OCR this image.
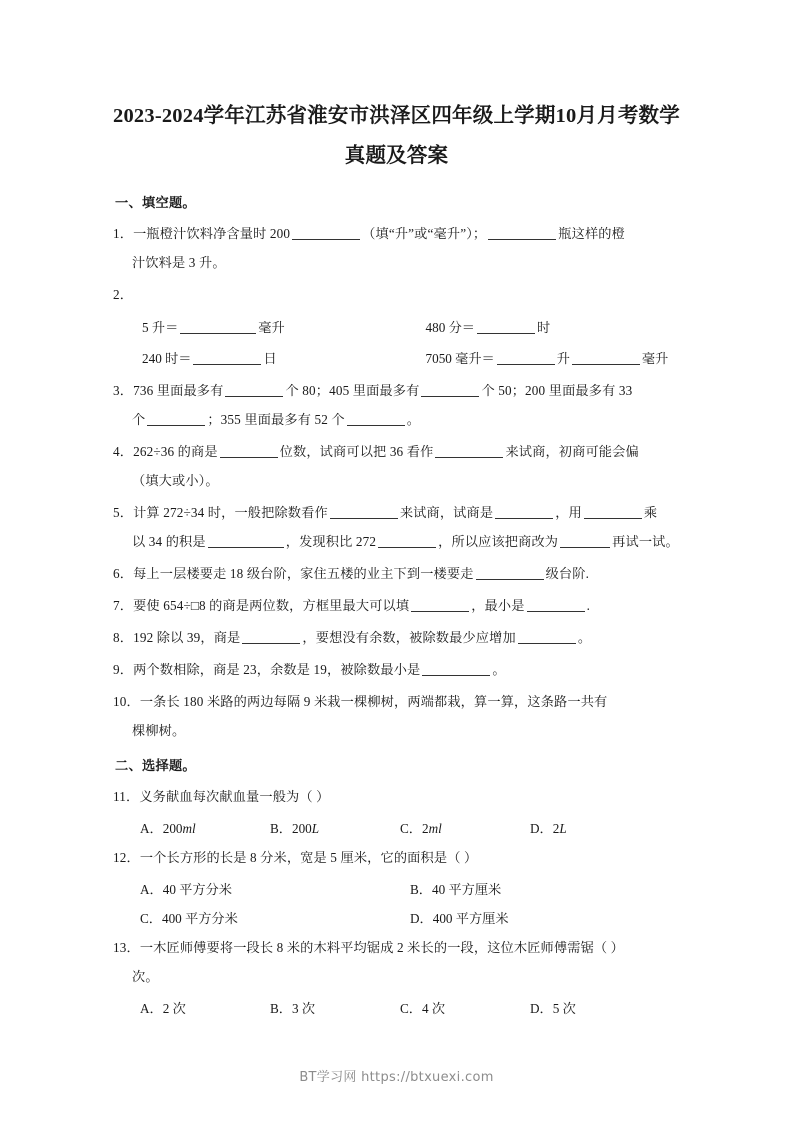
2023-2024学年江苏省淮安市洪泽区四年级上学期10月月考数学真题及答案
一、填空题。
1．一瓶橙汁饮料净含量时 200	（填“升”或“毫升”）；	瓶这样的橙
汁饮料是 3 升。
2．
5 升＝	毫升	480 分＝	时
240 时＝	日	7050 毫升＝	升	毫升
3．736 里面最多有	个 80；405 里面最多有	个 50；200 里面最多有 33
个	；355 里面最多有 52 个	。
4．262÷36 的商是	位数，试商可以把 36 看作	来试商，初商可能会偏
（填大或小）。
5．计算 272÷34 时，一般把除数看作	来试商，试商是	，用	乘
以 34 的积是	，发现积比 272	，所以应该把商改为	再试一试。
6．每上一层楼要走 18 级台阶，家住五楼的业主下到一楼要走	级台阶.
7．要使 654÷□8 的商是两位数，方框里最大可以填	，最小是	.
8．192 除以 39，商是	，要想没有余数，被除数最少应增加	。
9．两个数相除，商是 23，余数是 19，被除数最小是	。
10．一条长 180 米路的两边每隔 9 米栽一棵柳树，两端都栽，算一算，这条路一共有
棵柳树。
二、选择题。
11．义务献血每次献血量一般为（ ）
A．200ml	B．200L	C．2ml	D．2L
12．一个长方形的长是 8 分米，宽是 5 厘米，它的面积是（ ）
A．40 平方分米	B．40 平方厘米
C．400 平方分米	D．400 平方厘米
13．一木匠师傅要将一段长 8 米的木料平均锯成 2 米长的一段，这位木匠师傅需锯（ ）
次。
A．2 次	B．3 次	C．4 次	D．5 次
BT学习网 https://btxuexi.com
